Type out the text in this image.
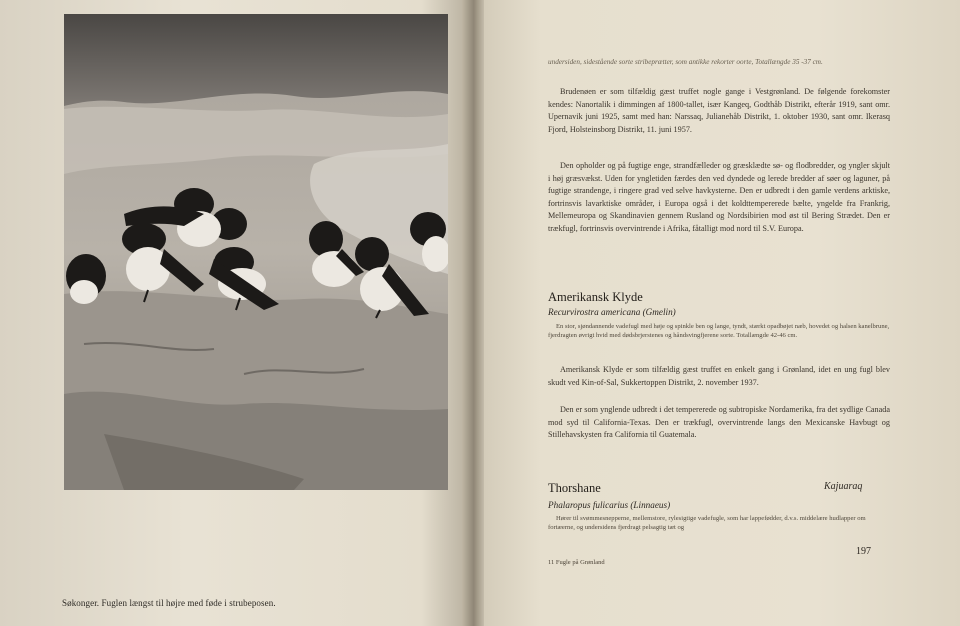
Søkonger. Fuglen længst til højre med føde i strubeposen.
undersiden, sidestående sorte stribeprætter, som antikke rekorter oorte, Totallængde 35 -37 cm.
Brudenøen er som tilfældig gæst truffet nogle gange i Vestgrønland. De følgende forekomster kendes: Nanortalik i dimmingen af 1800-tallet, især Kangeq, Godthåb Distrikt, efterår 1919, sant omr. Upernavik juni 1925, samt med han: Narssaq, Julianehåb Distrikt, 1. oktober 1930, sant omr. Ikerasq Fjord, Holsteinsborg Distrikt, 11. juni 1957.
Den opholder og på fugtige enge, strandfælleder og græsklædte sø- og flodbredder, og yngler skjult i høj græsvækst. Uden for yngletiden færdes den ved dyndede og lerede bredder af søer og laguner, på fugtige strandenge, i ringere grad ved selve havkysterne. Den er udbredt i den gamle verdens arktiske, fortrinsvis lavarktiske områder, i Europa også i det koldttempererede bælte, yngelde fra Frankrig, Mellemeuropa og Skandinavien gennem Rusland og Nordsibirien mod øst til Bering Strædet. Den er trækfugl, fortrinsvis overvintrende i Afrika, fåtalligt mod nord til S.V. Europa.
Amerikansk Klyde
Recurvirostra americana (Gmelin)
En stor, sjøndannende vadefugl med høje og spinkle ben og lange, tyndt, stærkt opadbøjet næb, hovedet og halsen kanelbrune, fjerdragten øvrigt hvid med dødsbrjerstenes og håndsvingfjerene sorte. Totallængde 42-46 cm.
Amerikansk Klyde er som tilfældig gæst truffet en enkelt gang i Grønland, idet en ung fugl blev skudt ved Kin-of-Sal, Sukkertoppen Distrikt, 2. november 1937.
Den er som ynglende udbredt i det tempererede og subtropiske Nordamerika, fra det sydlige Canada mod syd til California-Texas. Den er trækfugl, overvintrende langs den Mexicanske Havbugt og Stillehavskysten fra California til Guatemala.
Thorshane	Kajuaraq
Phalaropus fulicarius (Linnaeus)
Hører til svømmesnepperne, mellemstore, rylesigtige vadefugle, som har lappefødder, d.v.s. middelære hudlapper om fortæerne, og undersidens fjerdragt pelsagtig tæt og
11 Fugle på Grønland
197
